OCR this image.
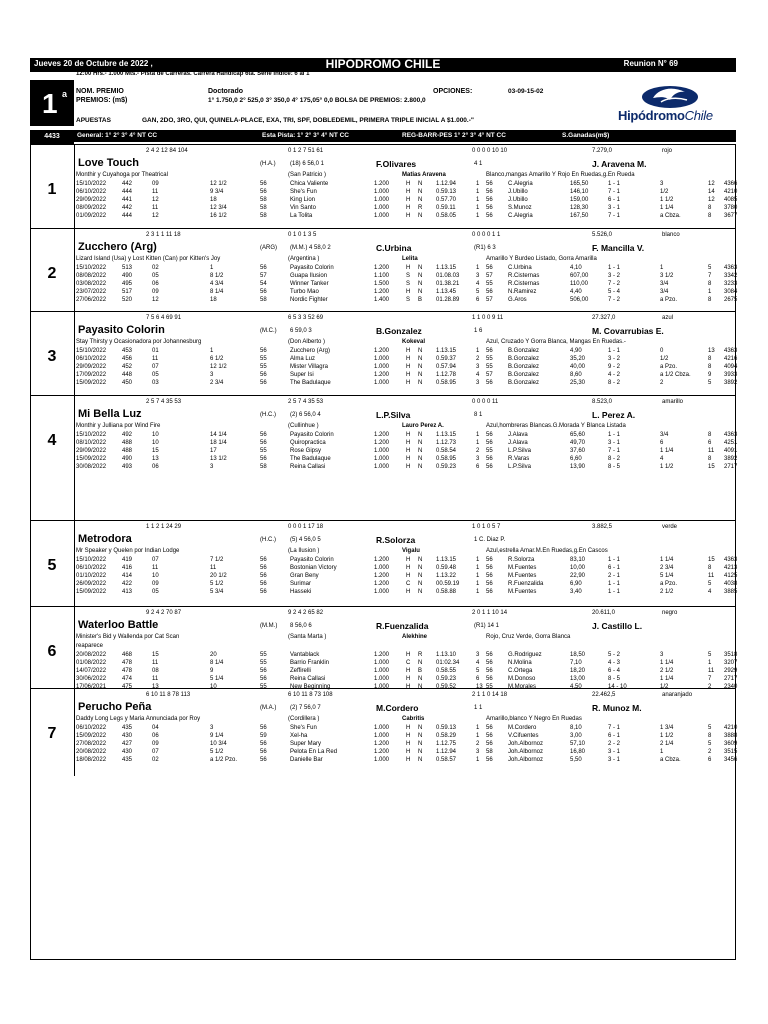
Jueves 20 de Octubre de 2022 ,	HIPODROMO CHILE	Reunion N° 69
12:00 Hrs.- 1.000 Mts.- Pista de Carreras. Carrera Handicap 6ta. Serie Indice: 6 al 1
1 a NOM. PREMIO
PREMIOS: (m$)
Doctorado
1° 1.750,0 2° 525,0 3° 350,0 4° 175,05° 0,0 BOLSA DE PREMIOS: 2.800,0
OPCIONES:	03-09-15-02
HipódromoChile
APUESTAS	GAN, 2DO, 3RO, QUI, QUINELA-PLACE, EXA, TRI, SPF, DOBLEDEMIL, PRIMERA TRIPLE INICIAL A $1.000.-"
4433	General: 1° 2° 3° 4° NT CC	Esta Pista: 1° 2° 3° 4° NT CC	REG-BARR-PES 1° 2° 3° 4° NT CC	S.Ganadas(m$)
1
2 4 2 12 84 104	0 1 2 7 51 61	0 0 0 0 10 10	7.279,0	rojo
Love Touch	(H.A.) (18) 6 56,0 1	F.Olivares	4 1	J. Aravena M.
Monthir y Cuyahoga por Theatrical	(San Patricio )	Matias Aravena	Blanco,mangas Amarillo Y Rojo En Ruedas,g.En Rueda
15/10/2022	442	09	12 1/2	56	Chica Valiente	1.200	H N 1.12.94	1 56	C.Alegria	165,50	1 - 1	3	12 4366
06/10/2022	444	11	9 3/4	56	She's Fun	1.000	H N 0.59.13	1 56	J.Ubillo	146,10	7 - 1	1/2	14 4210
29/09/2022	441	12	18	58	King Lion	1.000	H N 0.57.70	1 56	J.Ubillo	159,00	6 - 1	1 1/2	12 4085
08/09/2022	442	11	12 3/4	58	Vin Santo	1.000	H R 0.59.11	1 56	S.Munoz	128,30	3 - 1	1 1/4	8 3780
01/09/2022	444	12	16 1/2	58	La Tolita	1.000	H N 0.58.05	1 56	C.Alegria	167,50	7 - 1	a Cbza.	8 3677
2
2 3 1 1 11 18	0 1 0 1 3 5	0 0 0 0 1 1	5.526,0	blanco
Zucchero (Arg)	(ARG) (M.M.) 4 58,0 2	C.Urbina	(R1) 6 3	F. Mancilla V.
Lizard Island (Usa) y Lost Kitten (Can) por Kitten's Joy	(Argentina )	Lelita	Amarillo Y Burdeo Listado, Gorra Amarilla
15/10/2022	513	02	1	56	Payasito Colorin	1.200	H N 1.13.15	1 56	C.Urbina	4,10	1 - 1	1	5 4363
08/08/2022	490	05	8 1/2	57	Guapa Ilusion	1.100	S N 01.08.03	3 57	R.Cisternas	607,00	3 - 2	3 1/2	7 3342
03/08/2022	495	06	4 3/4	54	Winner Tanker	1.500	S N 01.38.21	4 55	R.Cisternas	110,00	7 - 2	3/4	8 3233
23/07/2022	517	09	8 1/4	56	Turbo Mao	1.200	H N 1.13.45	5 56	N.Ramirez	4,40	5 - 4	3/4	1 3084
27/06/2022	520	12	18	58	Nordic Fighter	1.400	S B 01.28.89	6 57	G.Aros	506,00	7 - 2	a Pzo.	8 2675
3
7 5 6 4 69 91	6 5 3 3 52 69	1 1 0 0 9 11	27.327,0	azul
Payasito Colorin	(M.C.) 6 59,0 3	B.Gonzalez	1 6	M. Covarrubias E.
Stay Thirsty y Ocasionadora por Johannesburg	(Don Alberto )	Kokeval	Azul, Cruzado Y Gorra Blanca, Mangas En Ruedas.-
15/10/2022	453	01	1	56	Zucchero (Arg)	1.200	H N 1.13.15	1 56	B.Gonzalez	4,90	1 - 1	0	13 4363
06/10/2022	456	11	6 1/2	55	Alma Luz	1.000	H N 0.59.37	2 55	B.Gonzalez	35,20	3 - 2	1/2	8 4216
29/09/2022	452	07	12 1/2	55	Mister Villagra	1.000	H N 0.57.94	3 55	B.Gonzalez	40,00	9 - 2	a Pzo.	8 4094
17/09/2022	448	05	3	56	Super Isi	1.200	H N 1.12.78	4 57	B.Gonzalez	8,60	4 - 2	a 1/2 Cbza.	9 3933
15/09/2022	450	03	2 3/4	56	The Badulaque	1.000	H N 0.58.95	3 56	B.Gonzalez	25,30	8 - 2	2	5 3892
4
2 5 7 4 35 53	2 5 7 4 35 53	0 0 0 0 11	8.523,0	amarillo
Mi Bella Luz	(H.C.) (2) 6 56,0 4	L.P.Silva	8 1	L. Perez A.
Monthir y Julliana por Wind Fire	(Cullinhue )	Lauro Perez A.	Azul,hombreras Blancas.G.Morada Y Blanca Listada
15/10/2022	492	10	14 1/4	56	Payasito Colorin	1.200	H N 1.13.15	1 56	J.Alava	65,60	1 - 1	3/4	8 4363
08/10/2022	488	10	18 1/4	56	Quiropractica	1.200	H N 1.12.73	1 56	J.Alava	49,70	3 - 1	6	6 4251
29/09/2022	488	15	17	55	Rose Gipsy	1.000	H N 0.58.54	2 55	L.P.Silva	37,60	7 - 1	1 1/4	11 4091
15/09/2022	490	13	13 1/2	56	The Badulaque	1.000	H N 0.58.95	3 56	R.Varas	6,60	8 - 2	4	8 3892
30/08/2022	493	06	3	58	Reina Callasi	1.000	H N 0.59.23	6 56	L.P.Silva	13,90	8 - 5	1 1/2	15 2717
5
1 1 2 1 24 29	0 0 0 1 17 18	1 0 1 0 5 7	3.882,5	verde
Metrodora	(H.C.) (5) 4 56,0 5	R.Solorza	1 C. Diaz P.
Mr Speaker y Quelen por Indian Lodge	(La Ilusion )	Vigalu	Azul,estrella Amar.M.En Ruedas,g.En Cascos
15/10/2022	419	07	7 1/2	56	Payasito Colorin	1.200	H N 1.13.15	1 56	R.Solorza	83,10	1 - 1	1 1/4	15 4363
06/10/2022	416	11	11	56	Bostonian Victory	1.000	H N 0.59.48	1 56	M.Fuentes	10,00	6 - 1	2 3/4	8 4213
01/10/2022	414	10	20 1/2	56	Gran Beny	1.200	H N 1.13.22	1 56	M.Fuentes	22,90	2 - 1	5 1/4	11 4125
26/09/2022	422	09	5 1/2	56	Surimar	1.200	C N 00.59.19	1 56	R.Fuenzalida	6,90	1 - 1	a Pzo.	5 4038
15/09/2022	413	05	5 3/4	56	Hasseki	1.000	H N 0.58.88	1 56	M.Fuentes	3,40	1 - 1	2 1/2	4 3885
6
9 2 4 2 70 87	9 2 4 2 65 82	2 0 1 1 10 14	20.611,0	negro
Waterloo Battle	(M.M.) 8 56,0 6	R.Fuenzalida	(R1) 14 1	J. Castillo L.
Minister's Bid y Wallenda por Cat Scan	(Santa Marta )	Alekhine	Rojo, Cruz Verde, Gorra Blanca
reaparece
20/08/2022	468	15	20	55	Vantablack	1.200	H R 1.13.10	3 56	G.Rodriguez	18,50	5 - 2	3	5 3518
01/08/2022	478	11	8 1/4	55	Barrio Franklin	1.000	C N 01:02.34	4 56	N.Molina	7,10	4 - 3	1 1/4	1 3207
14/07/2022	478	08	9	56	Zeffirelli	1.000	H B 0.58.55	5 56	C.Ortega	18,20	6 - 4	2 1/2	11 2929
30/06/2022	474	11	5 1/4	56	Reina Callasi	1.000	H N 0.59.23	6 56	M.Donoso	13,00	8 - 5	1 1/4	7 2717
17/06/2021	475	13	10	55	New Beginning	1.000	H N 0.59.52	13 55	M.Morales	4,50	14 - 10	1/2	2 2340
7
6 10 11 8 78 113	6 10 11 8 73 108	2 1 1 0 14 18	22.462,5	anaranjado
Perucho Peña	(M.A.) (2) 7 56,0 7	M.Cordero	1 1	R. Munoz M.
Daddy Long Legs y Maria Annunciada por Roy	(Cordillera )	Cabritis	Amarillo,blanco Y Negro En Ruedas
06/10/2022	435	04	3	56	She's Fun	1.000	H N 0.59.13	1 56	M.Cordero	8,10	7 - 1	1 3/4	5 4210
15/09/2022	430	06	9 1/4	59	Xel-ha	1.000	H N 0.58.29	1 56	V.Cifuentes	3,00	6 - 1	1 1/2	8 3888
27/08/2022	427	09	10 3/4	56	Super Mary	1.200	H N 1.12.75	2 56	Joh.Albornoz	57,10	2 - 2	2 1/4	5 3609
20/08/2022	430	07	5 1/2	56	Pelota En La Red	1.200	H N 1.12.94	3 58	Joh.Albornoz	16,80	3 - 1	1	2 3515
18/08/2022	435	02	a 1/2 Pzo.	56	Danielle Bar	1.000	H N 0.58.57	1 56	Joh.Albornoz	5,50	3 - 1	a Cbza.	6 3456
